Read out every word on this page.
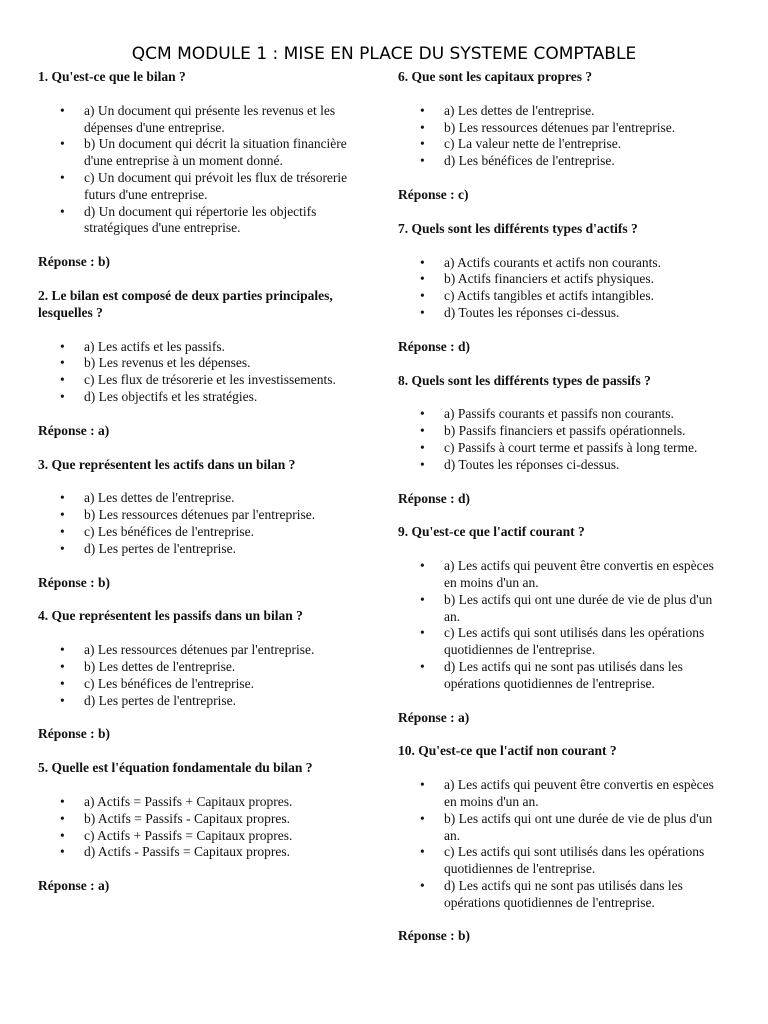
QCM MODULE 1 : MISE EN PLACE DU SYSTEME COMPTABLE

1. Qu'est-ce que le bilan ?

• a) Un document qui présente les revenus et les dépenses d'une entreprise.
• b) Un document qui décrit la situation financière d'une entreprise à un moment donné.
• c) Un document qui prévoit les flux de trésorerie futurs d'une entreprise.
• d) Un document qui répertorie les objectifs stratégiques d'une entreprise.

Réponse : b)

2. Le bilan est composé de deux parties principales, lesquelles ?

• a) Les actifs et les passifs.
• b) Les revenus et les dépenses.
• c) Les flux de trésorerie et les investissements.
• d) Les objectifs et les stratégies.

Réponse : a)

3. Que représentent les actifs dans un bilan ?

• a) Les dettes de l'entreprise.
• b) Les ressources détenues par l'entreprise.
• c) Les bénéfices de l'entreprise.
• d) Les pertes de l'entreprise.

Réponse : b)

4. Que représentent les passifs dans un bilan ?

• a) Les ressources détenues par l'entreprise.
• b) Les dettes de l'entreprise.
• c) Les bénéfices de l'entreprise.
• d) Les pertes de l'entreprise.

Réponse : b)

5. Quelle est l'équation fondamentale du bilan ?

• a) Actifs = Passifs + Capitaux propres.
• b) Actifs = Passifs - Capitaux propres.
• c) Actifs + Passifs = Capitaux propres.
• d) Actifs - Passifs = Capitaux propres.

Réponse : a)

6. Que sont les capitaux propres ?

• a) Les dettes de l'entreprise.
• b) Les ressources détenues par l'entreprise.
• c) La valeur nette de l'entreprise.
• d) Les bénéfices de l'entreprise.

Réponse : c)

7. Quels sont les différents types d'actifs ?

• a) Actifs courants et actifs non courants.
• b) Actifs financiers et actifs physiques.
• c) Actifs tangibles et actifs intangibles.
• d) Toutes les réponses ci-dessus.

Réponse : d)

8. Quels sont les différents types de passifs ?

• a) Passifs courants et passifs non courants.
• b) Passifs financiers et passifs opérationnels.
• c) Passifs à court terme et passifs à long terme.
• d) Toutes les réponses ci-dessus.

Réponse : d)

9. Qu'est-ce que l'actif courant ?

• a) Les actifs qui peuvent être convertis en espèces en moins d'un an.
• b) Les actifs qui ont une durée de vie de plus d'un an.
• c) Les actifs qui sont utilisés dans les opérations quotidiennes de l'entreprise.
• d) Les actifs qui ne sont pas utilisés dans les opérations quotidiennes de l'entreprise.

Réponse : a)

10. Qu'est-ce que l'actif non courant ?

• a) Les actifs qui peuvent être convertis en espèces en moins d'un an.
• b) Les actifs qui ont une durée de vie de plus d'un an.
• c) Les actifs qui sont utilisés dans les opérations quotidiennes de l'entreprise.
• d) Les actifs qui ne sont pas utilisés dans les opérations quotidiennes de l'entreprise.

Réponse : b)
